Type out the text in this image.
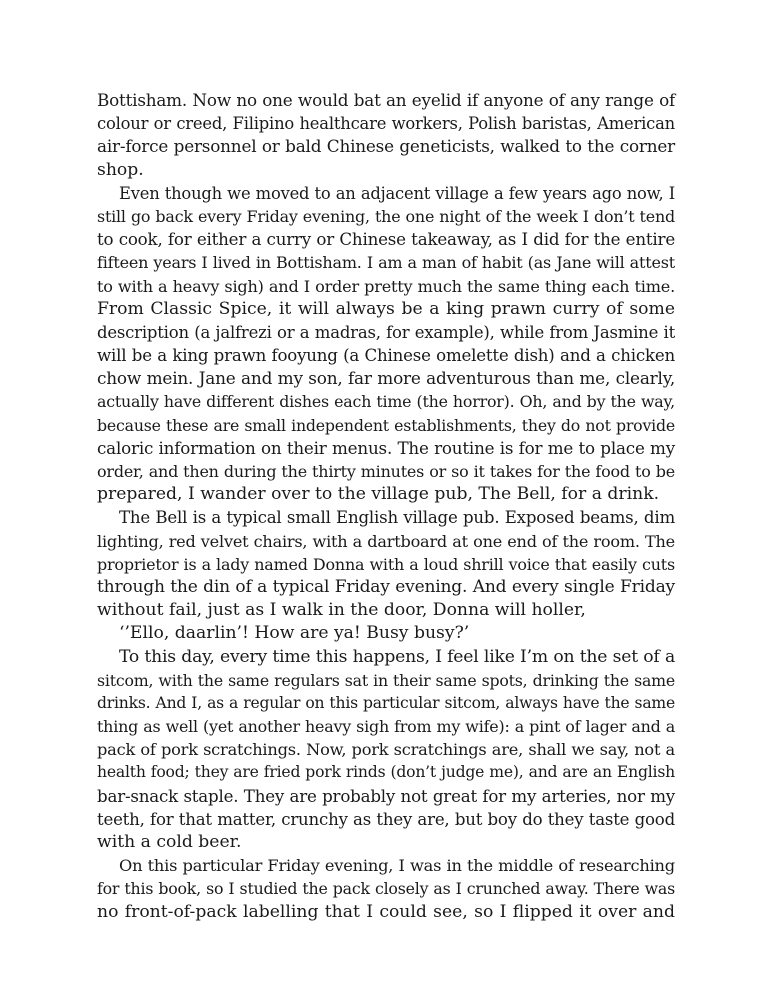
Bottisham. Now no one would bat an eyelid if anyone of any range of
colour or creed, Filipino healthcare workers, Polish baristas, American
air-force personnel or bald Chinese geneticists, walked to the corner
shop.
Even though we moved to an adjacent village a few years ago now, I
still go back every Friday evening, the one night of the week I don’t tend
to cook, for either a curry or Chinese takeaway, as I did for the entire
fifteen years I lived in Bottisham. I am a man of habit (as Jane will attest
to with a heavy sigh) and I order pretty much the same thing each time.
From Classic Spice, it will always be a king prawn curry of some
description (a jalfrezi or a madras, for example), while from Jasmine it
will be a king prawn fooyung (a Chinese omelette dish) and a chicken
chow mein. Jane and my son, far more adventurous than me, clearly,
actually have different dishes each time (the horror). Oh, and by the way,
because these are small independent establishments, they do not provide
caloric information on their menus. The routine is for me to place my
order, and then during the thirty minutes or so it takes for the food to be
prepared, I wander over to the village pub, The Bell, for a drink.
The Bell is a typical small English village pub. Exposed beams, dim
lighting, red velvet chairs, with a dartboard at one end of the room. The
proprietor is a lady named Donna with a loud shrill voice that easily cuts
through the din of a typical Friday evening. And every single Friday
without fail, just as I walk in the door, Donna will holler,
‘’Ello, daarlin’! How are ya! Busy busy?’
To this day, every time this happens, I feel like I’m on the set of a
sitcom, with the same regulars sat in their same spots, drinking the same
drinks. And I, as a regular on this particular sitcom, always have the same
thing as well (yet another heavy sigh from my wife): a pint of lager and a
pack of pork scratchings. Now, pork scratchings are, shall we say, not a
health food; they are fried pork rinds (don’t judge me), and are an English
bar-snack staple. They are probably not great for my arteries, nor my
teeth, for that matter, crunchy as they are, but boy do they taste good
with a cold beer.
On this particular Friday evening, I was in the middle of researching
for this book, so I studied the pack closely as I crunched away. There was
no front-of-pack labelling that I could see, so I flipped it over and
